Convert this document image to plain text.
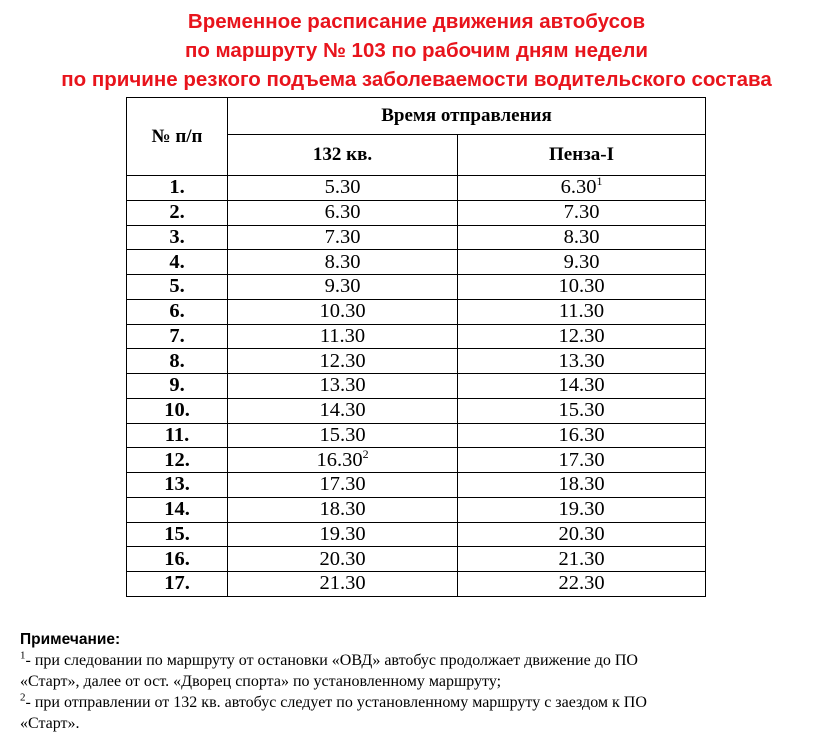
Временное расписание движения автобусов
по маршруту № 103 по рабочим дням недели
по причине резкого подъема заболеваемости водительского состава
№ п/п	Время отправления	
	132 кв.	Пенза-I
1.	5.30	6.30$^1$
2.	6.30	7.30
3.	7.30	8.30
4.	8.30	9.30
5.	9.30	10.30
6.	10.30	11.30
7.	11.30	12.30
8.	12.30	13.30
9.	13.30	14.30
10.	14.30	15.30
11.	15.30	16.30
12.	16.30$^2$	17.30
13.	17.30	18.30
14.	18.30	19.30
15.	19.30	20.30
16.	20.30	21.30
17.	21.30	22.30
Примечание:
$^1$- при следовании по маршруту от остановки «ОВД» автобус продолжает движение до ПО
«Старт», далее от ост. «Дворец спорта» по установленному маршруту;
$^2$- при отправлении от 132 кв. автобус следует по установленному маршруту с заездом к ПО
«Старт».
